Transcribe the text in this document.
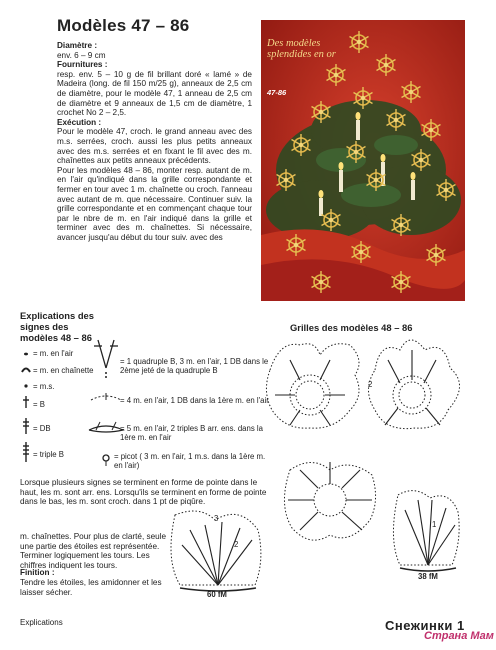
Modèles 47 – 86
Diamètre :
env. 6 – 9 cm
Fournitures :
resp. env. 5 – 10 g de fil brillant doré « lamé » de Madeira (long. de fil 150 m/25 g), anneaux de 2,5 cm de diamètre, pour le modèle 47, 1 anneau de 2,5 cm de diamètre et 9 anneaux de 1,5 cm de diamètre, 1 crochet No 2 – 2,5.
Exécution :
Pour le modèle 47, croch. le grand anneau avec des m.s. serrées, croch. aussi les plus petits anneaux avec des m.s. serrées et en fixant le fil avec des m. chaînettes aux petits anneaux précédents.
Pour les modèles 48 – 86, monter resp. autant de m. en l'air qu'indiqué dans la grille correspondante et fermer en tour avec 1 m. chaînette ou croch. l'anneau avec autant de m. que nécessaire. Continuer suiv. la grille correspondante et en commençant chaque tour par le nbre de m. en l'air indiqué dans la grille et terminer avec des m. chaînettes. Si nécessaire, avancer jusqu'au début du tour suiv. avec des
Des modèles
splendides en or
47-86
Explications des
signes des
modèles 48 – 86
= m. en l'air
= m. en chaînette
= m.s.
= B
= DB
= triple B
= 1 quadruple B, 3 m. en l'air, 1 DB dans le 2ème jeté de la quadruple B
= 4 m. en l'air, 1 DB dans la 1ère m. en l'air
= 5 m. en l'air, 2 triples B arr. ens. dans la 1ère m. en l'air
= picot ( 3 m. en l'air, 1 m.s. dans la 1ère m. en l'air)
Grilles des modèles 48 – 86
2
3
2
1
60 fM
38 fM
Lorsque plusieurs signes se terminent en forme de pointe dans le haut, les m. sont arr. ens. Lorsqu'ils se terminent en forme de pointe dans le bas, les m. sont croch. dans 1 pt de piqûre.
m. chaînettes. Pour plus de clarté, seule une partie des étoiles est représentée. Terminer logiquement les tours. Les chiffres indiquent les tours.
Finition :
Tendre les étoiles, les amidonner et les laisser sécher.
Explications	Снежинки 1
Страна Мам
